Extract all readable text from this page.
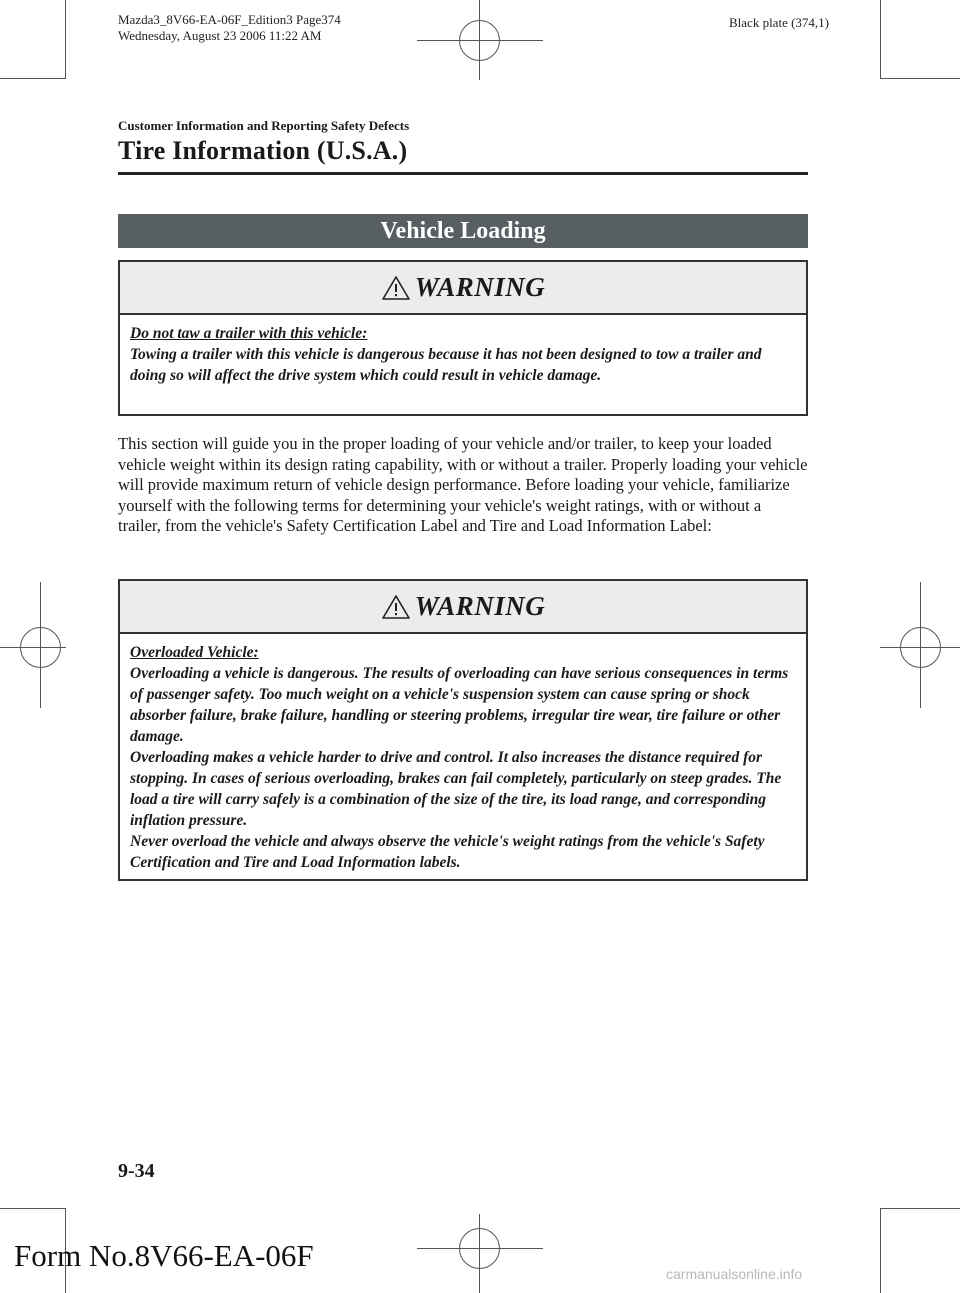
Mazda3_8V66-EA-06F_Edition3 Page374
Wednesday, August 23 2006 11:22 AM
Black plate (374,1)
Customer Information and Reporting Safety Defects
Tire Information (U.S.A.)
Vehicle Loading
WARNING
Do not taw a trailer with this vehicle:

Towing a trailer with this vehicle is dangerous because it has not been designed to tow a trailer and doing so will affect the drive system which could result in vehicle damage.

This section will guide you in the proper loading of your vehicle and/or trailer, to keep your loaded vehicle weight within its design rating capability, with or without a trailer. Properly loading your vehicle will provide maximum return of vehicle design performance. Before loading your vehicle, familiarize yourself with the following terms for determining your vehicle's weight ratings, with or without a trailer, from the vehicle's Safety Certification Label and Tire and Load Information Label:

WARNING
Overloaded Vehicle:

Overloading a vehicle is dangerous. The results of overloading can have serious consequences in terms of passenger safety. Too much weight on a vehicle's suspension system can cause spring or shock absorber failure, brake failure, handling or steering problems, irregular tire wear, tire failure or other damage.

Overloading makes a vehicle harder to drive and control. It also increases the distance required for stopping. In cases of serious overloading, brakes can fail completely, particularly on steep grades. The load a tire will carry safely is a combination of the size of the tire, its load range, and corresponding inflation pressure.

Never overload the vehicle and always observe the vehicle's weight ratings from the vehicle's Safety Certification and Tire and Load Information labels.

9-34
Form No.8V66-EA-06F
carmanualsonline.info
